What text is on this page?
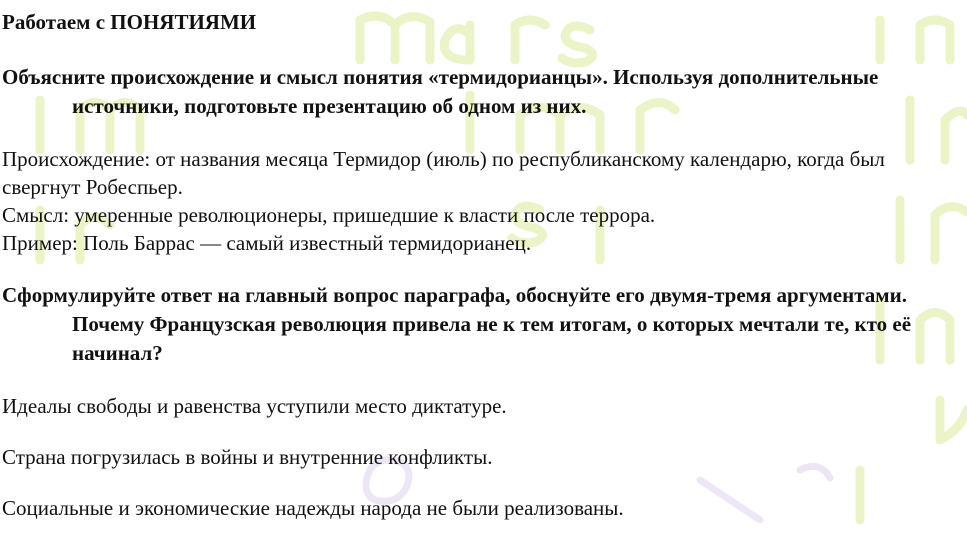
Работаем с ПОНЯТИЯМИ
Объясните происхождение и смысл понятия «термидорианцы». Используя дополнительные источники, подготовьте презентацию об одном из них.

Происхождение: от названия месяца Термидор (июль) по республиканскому календарю, когда был свергнут Робеспьер.

Смысл: умеренные революционеры, пришедшие к власти после террора.

Пример: Поль Баррас — самый известный термидорианец.

Сформулируйте ответ на главный вопрос параграфа, обоснуйте его двумя-тремя аргументами. Почему Французская революция привела не к тем итогам, о которых мечтали те, кто её начинал?

Идеалы свободы и равенства уступили место диктатуре.

Страна погрузилась в войны и внутренние конфликты.

Социальные и экономические надежды народа не были реализованы.
